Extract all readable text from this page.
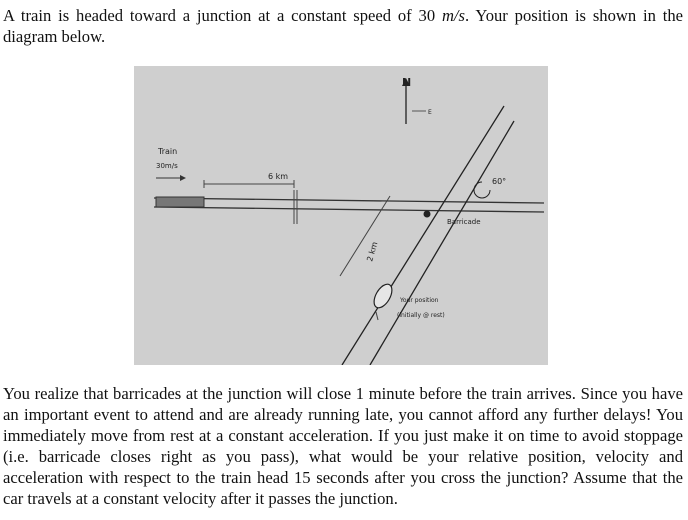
A train is headed toward a junction at a constant speed of 30 m/s. Your position is shown in the diagram below.

N
E
Train
30m/s
6 km
60°
Barricade
2 km
Your position
(initially @ rest)

You realize that barricades at the junction will close 1 minute before the train arrives. Since you have an important event to attend and are already running late, you cannot afford any further delays! You immediately move from rest at a constant acceleration. If you just make it on time to avoid stoppage (i.e. barricade closes right as you pass), what would be your relative position, velocity and acceleration with respect to the train head 15 seconds after you cross the junction? Assume that the car travels at a constant velocity after it passes the junction.
